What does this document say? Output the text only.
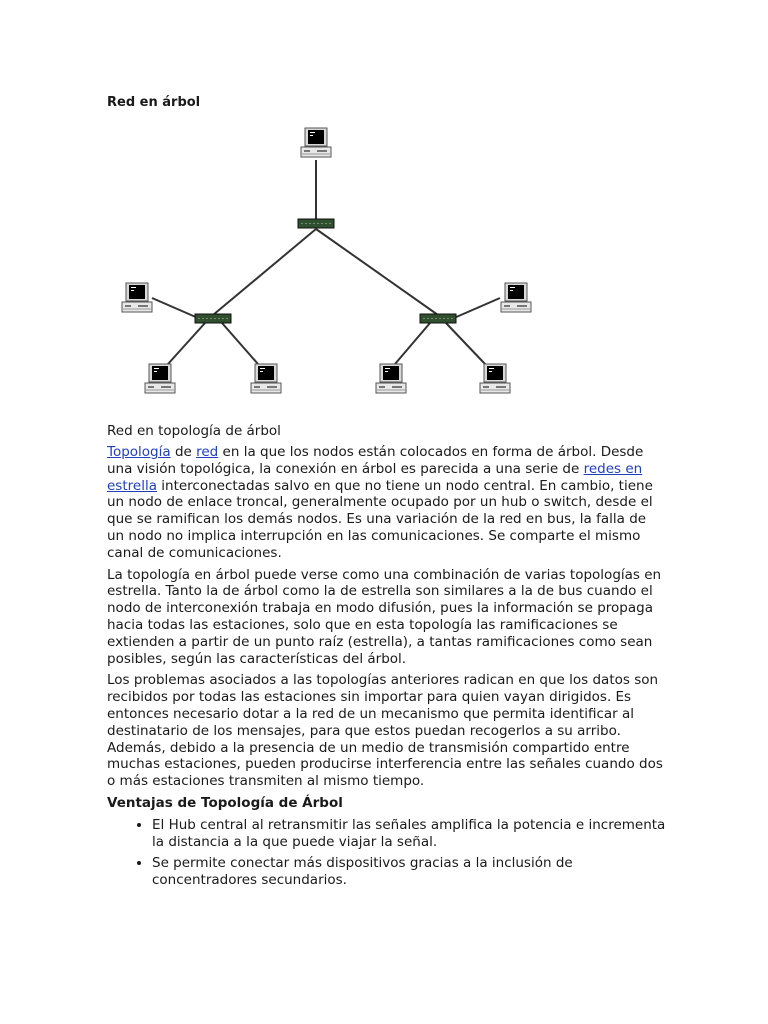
Red en árbol

Red en topología de árbol

Topología de red en la que los nodos están colocados en forma de árbol. Desde una visión topológica, la conexión en árbol es parecida a una serie de redes en estrella interconectadas salvo en que no tiene un nodo central. En cambio, tiene un nodo de enlace troncal, generalmente ocupado por un hub o switch, desde el que se ramifican los demás nodos. Es una variación de la red en bus, la falla de un nodo no implica interrupción en las comunicaciones. Se comparte el mismo canal de comunicaciones.

La topología en árbol puede verse como una combinación de varias topologías en estrella. Tanto la de árbol como la de estrella son similares a la de bus cuando el nodo de interconexión trabaja en modo difusión, pues la información se propaga hacia todas las estaciones, solo que en esta topología las ramificaciones se extienden a partir de un punto raíz (estrella), a tantas ramificaciones como sean posibles, según las características del árbol.

Los problemas asociados a las topologías anteriores radican en que los datos son recibidos por todas las estaciones sin importar para quien vayan dirigidos. Es entonces necesario dotar a la red de un mecanismo que permita identificar al destinatario de los mensajes, para que estos puedan recogerlos a su arribo. Además, debido a la presencia de un medio de transmisión compartido entre muchas estaciones, pueden producirse interferencia entre las señales cuando dos o más estaciones transmiten al mismo tiempo.

Ventajas de Topología de Árbol

• El Hub central al retransmitir las señales amplifica la potencia e incrementa la distancia a la que puede viajar la señal.
• Se permite conectar más dispositivos gracias a la inclusión de concentradores secundarios.
